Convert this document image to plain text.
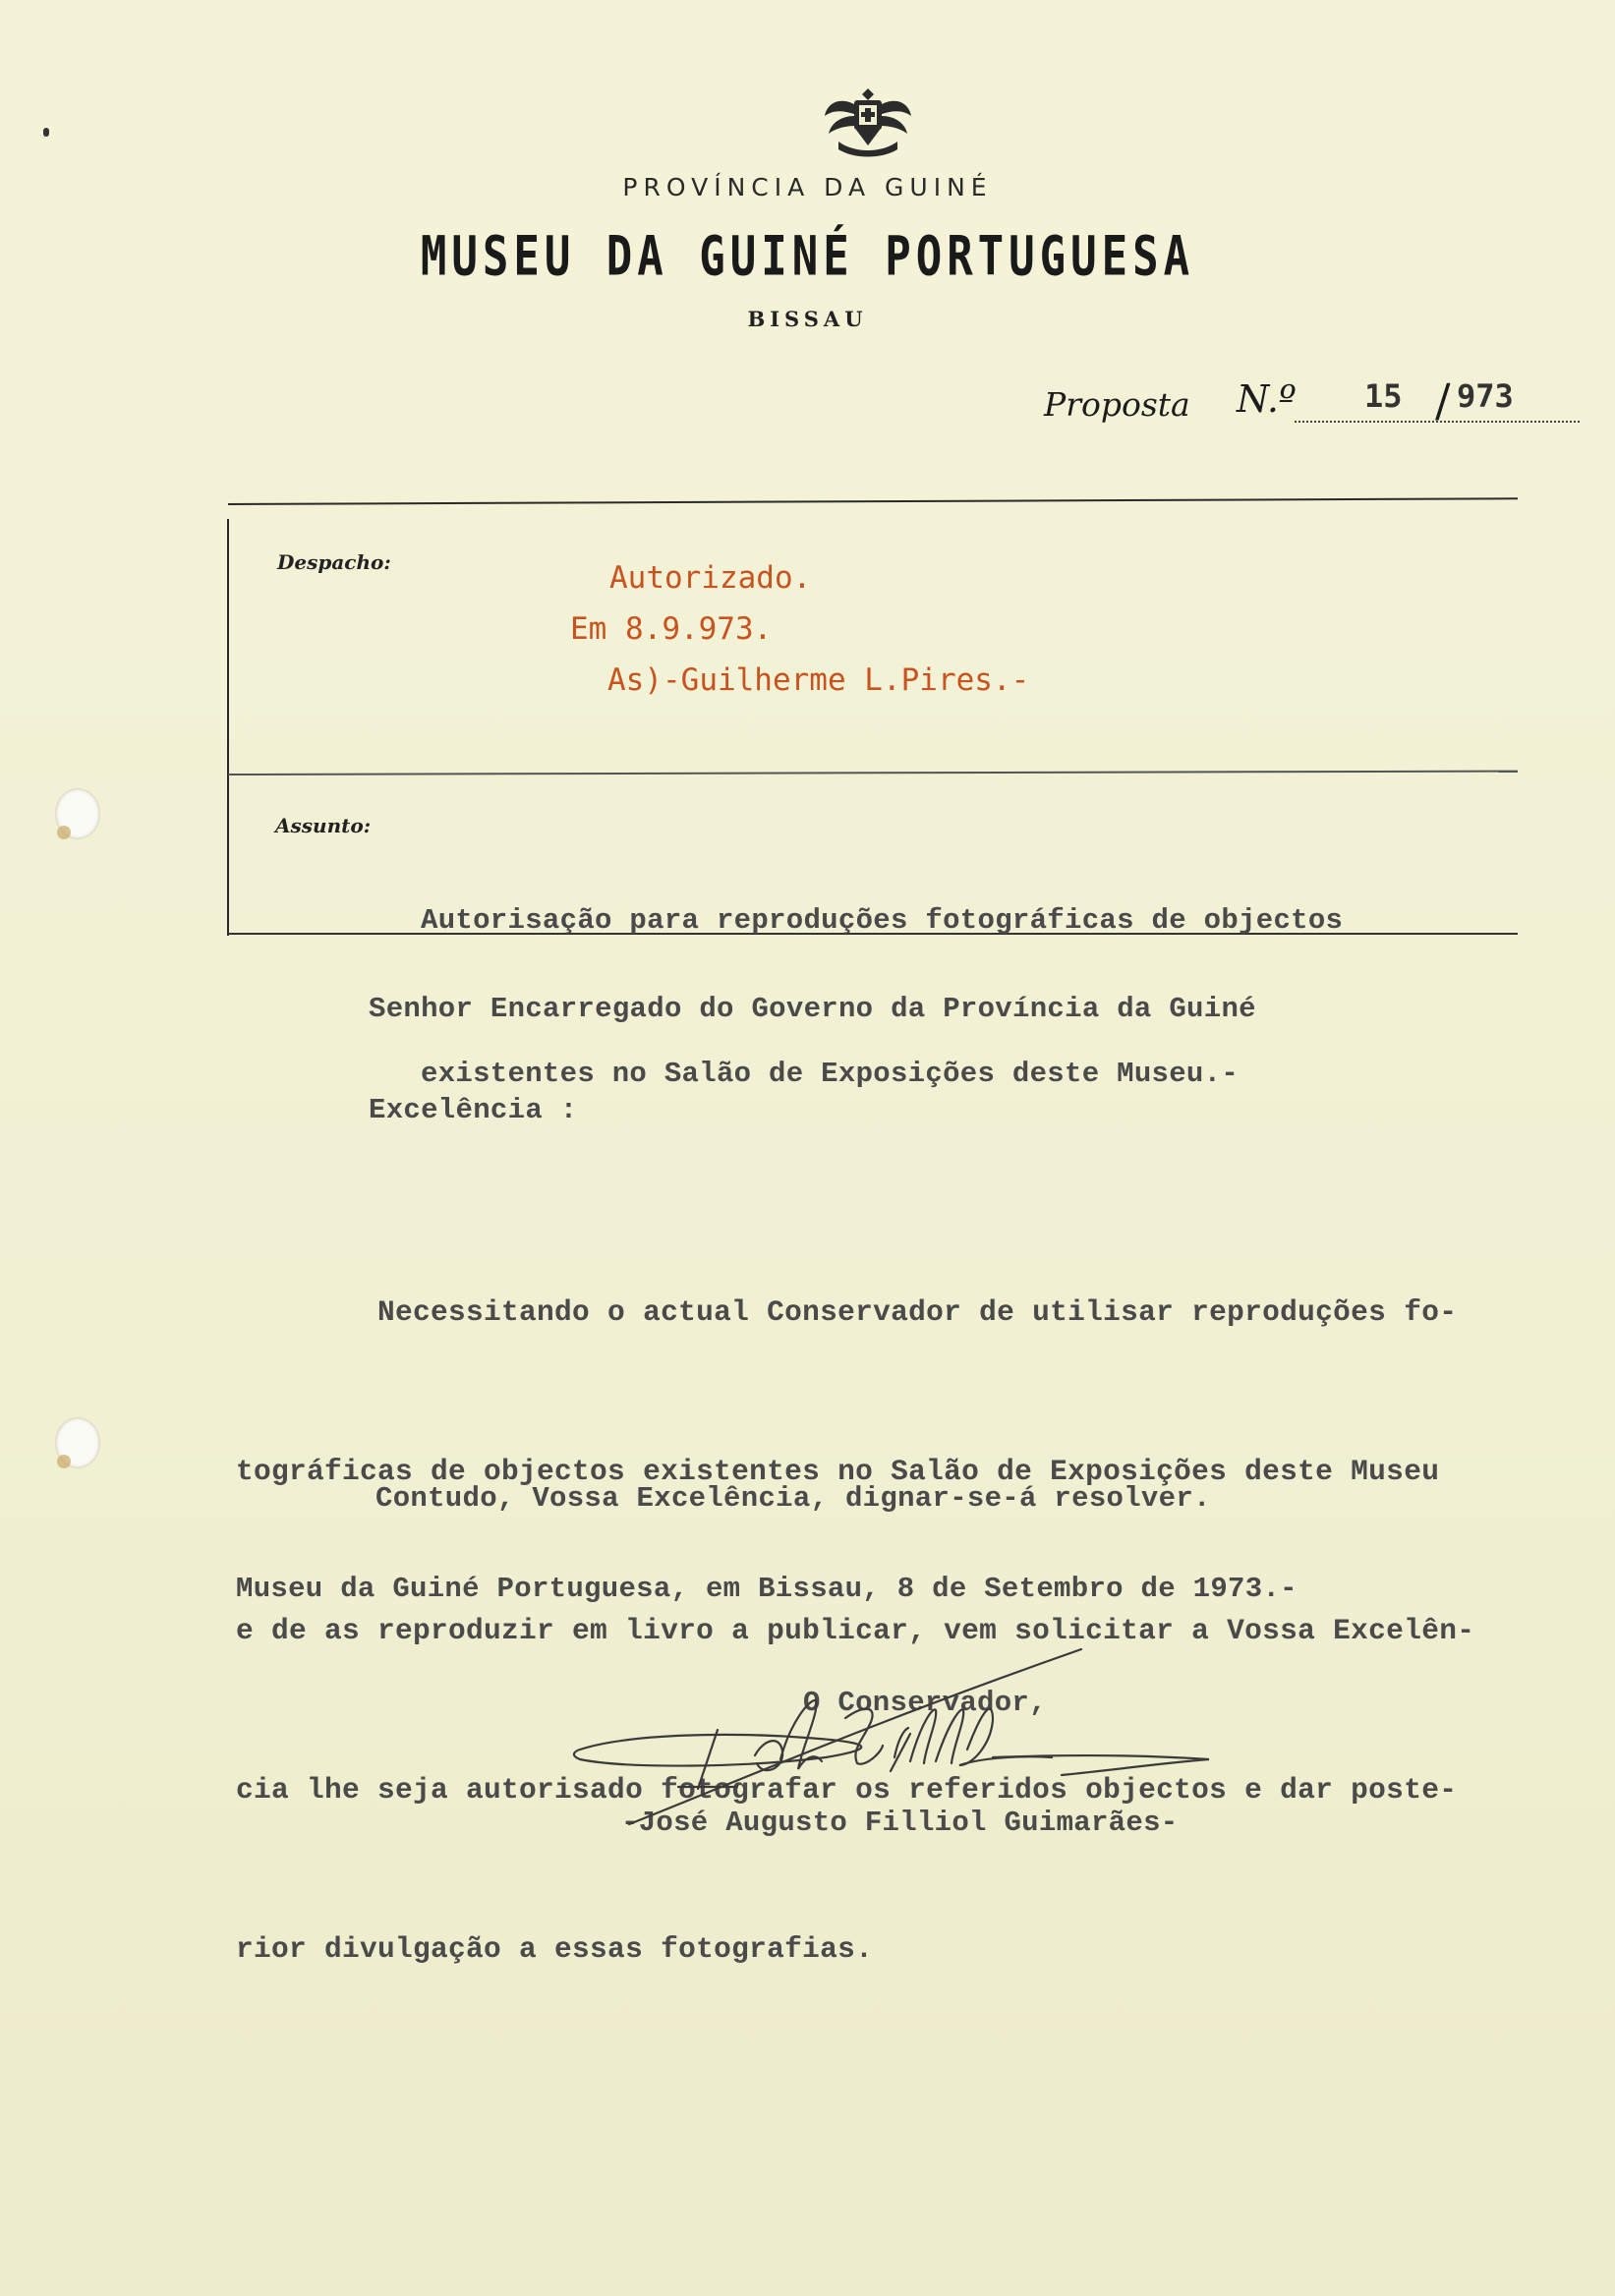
PROVÍNCIA DA GUINÉ
MUSEU DA GUINÉ PORTUGUESA
BISSAU
Proposta N.º 15 / 973
Despacho:	Autorizado.
Em 8.9.973.
As)-Guilherme L.Pires.-
Assunto:

Autorisação para reproduções fotográficas de objectos

existentes no Salão de Exposições deste Museu.-

Senhor Encarregado do Governo da Província da Guiné
Excelência :

Necessitando o actual Conservador de utilisar reproduções fo-

tográficas de objectos existentes no Salão de Exposições deste Museu

e de as reproduzir em livro a publicar, vem solicitar a Vossa Excelên-

cia lhe seja autorisado fotografar os referidos objectos e dar poste-

rior divulgação a essas fotografias.

Contudo, Vossa Excelência, dignar-se-á resolver.
Museu da Guiné Portuguesa, em Bissau, 8 de Setembro de 1973.-
O Conservador,
-José Augusto Filliol Guimarães-
